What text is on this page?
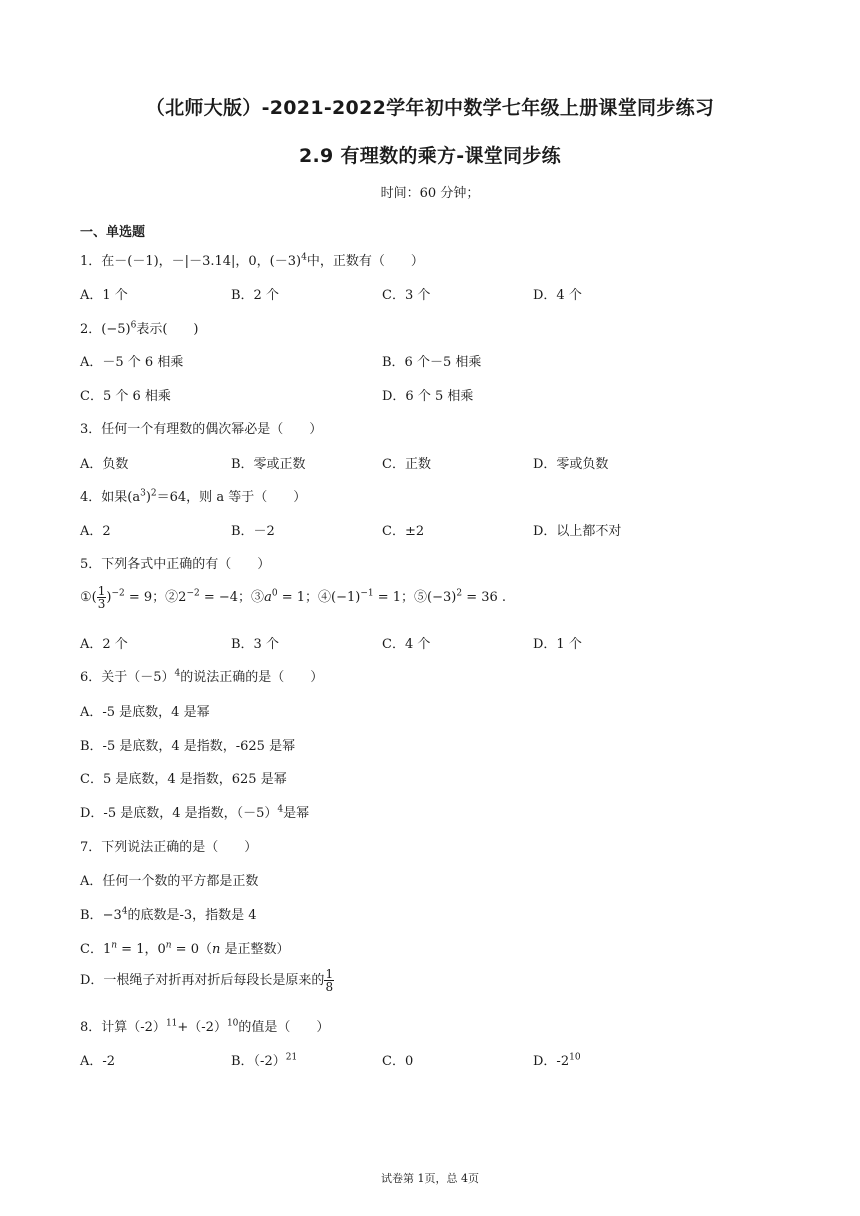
（北师大版）-2021-2022学年初中数学七年级上册课堂同步练习
2.9 有理数的乘方-课堂同步练
时间：60 分钟；
一、单选题
1．在－(－1)，－|－3.14|，0，$(-3)^4$中，正数有（　　）
A．1 个	B．2 个	C．3 个	D．4 个
2．$(-5)^6$表示(　　)
A．－5 个 6 相乘	B．6 个－5 相乘
C．5 个 6 相乘	D．6 个 5 相乘
3．任何一个有理数的偶次幂必是（　　）
A．负数	B．零或正数	C．正数	D．零或负数
4．如果$(a^3)^2=64$，则 a 等于（　　）
A．2	B．－2	C．±2	D．以上都不对
5．下列各式中正确的有（　　）
①( $\frac{1}{3} )^{-2} = 9$；$②2^{-2} = -4$；$③a^0 = 1$；$④(-1)^{-1} = 1$；$⑤(-3)^2 = 36$ .
A．2 个	B．3 个	C．4 个	D．1 个
6．关于$(-5)^4$的说法正确的是（　　）
A．-5 是底数，4 是幂
B．-5 是底数，4 是指数，-625 是幂
C．5 是底数，4 是指数，625 是幂
D．-5 是底数，4 是指数，$(-5)^4$是幂
7．下列说法正确的是（　　）
A．任何一个数的平方都是正数
B．$-3^4$的底数是-3，指数是 4
C．$1^n = 1$，$0^n = 0(n$ 是正整数）
D．一根绳子对折再对折后每段长是原来的 $\frac{1}{8}$
8．计算$(-2)^{11}+(-2)^{10}$的值是（　　）
A．-2	B．$(-2)^{21}$	C．0	D．$-2^{10}$
试卷第 1页，总 4页
